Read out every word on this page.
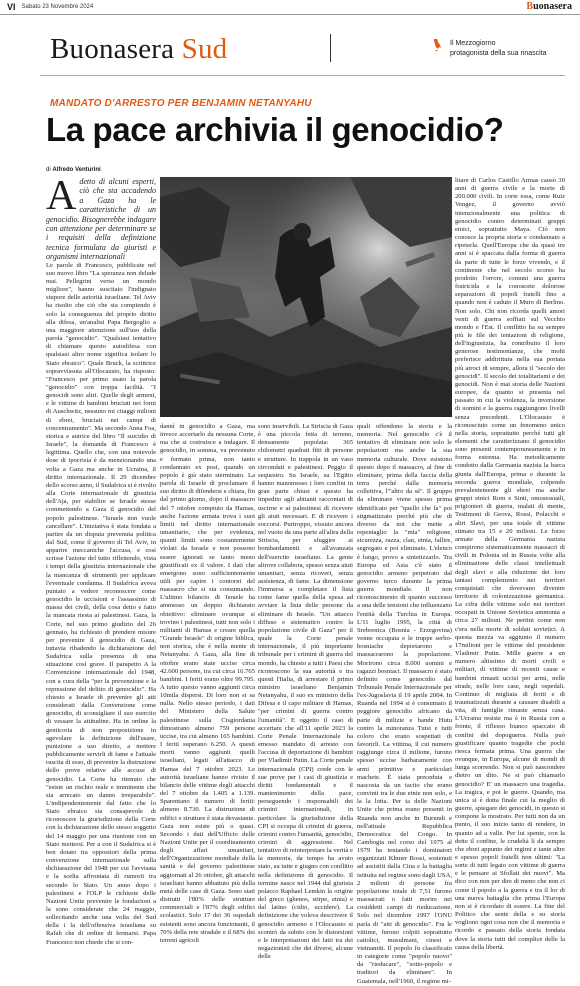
VI Sabato 23 Novembre 2024	Buonasera
Buonasera Sud	Il Mezzogiorno
protagonista della sua rinascita
MANDATO D'ARRESTO PER BENJAMIN NETANYAHU
La pace archivia il genocidio?
di Alfredo Venturini
A detto di alcuni esperti, ciò che sta accadendo a Gaza ha le caratteristiche di un genocidio. Bisognerebbe indagare con attenzione per determinare se i requisiti della definizione tecnica formulata da giuristi e organismi internazionali

Le parole di Francesco, pubblicate nel suo nuovo libro "La speranza non delude mai. Pellegrini verso un mondo migliore", hanno suscitato l'indignato stupore delle autorità israeliane. Tel Aviv ha risolto che ciò che sta compiendo è solo la conseguenza del proprio diritto alla difesa, un'analisi Papa Bergoglio a una maggiore attenzione sull'uso della parola "genocidio". "Qualsiasi tentativo di chiamare questo autodifesa con qualsiasi altro nome significa isolare lo Stato ebraico". Quale Bruck, la scrittrice sopravvissuta all'Olocausto, ha risposto: "Francesco per primo usato la parola "genocidio" con troppa facilità. "I genocidi sono altri. Quelle degli armeni, e le vittime di bambini bruciati nei forni di Auschwitz, nessuno mi citaggi milioni di ebrei, bruciati nei campi di concentramento". Ma secondo Anna Foa, storica e autrice del libro "Il suicidio di Israele", la domanda di Francesco è legittima. Quello che, con una notevole dose di ipocrisia è da menzionando una volta a Gaza ma anche in Ucraina, il diritto internazionale. Il 29 dicembre dello scorso anno, il Sudafrica si è rivolto alla Corte internazionale di giustizia dell'Aja, per stabilire se Israele stesse commettendo a Gaza il genocidio del popolo palestinese. "Israele non vuole cancellare". L'iniziativa è stata fondata a partire da un disputa prevenuta politica dal Sud, come il governo di Tel Aviv, in apparire meccaniche l'accusa, e così scrisse l'azione del tutto riflettendo, vista i tempi della giustizia internazionale che la mancanza di strumenti per applicare l'eventuale condanna. Il Sudafrica aveva puntato a vedere reconoscere come genocidio le uccisioni e l'assassinio di massa dei civili, della cosa detto e fatto la mancata riesta ai palestinesi. Gaza, la Corte, nel suo primo giudizio del 26 gennaio, ha richiesto di prendere misure per prevenire il genocidio di Gaza, tuttavia ribadendo la dichiarazione del Sudafrica sulla presenza di una situazione così grave. Il parapetto A la Convenzione internazionale del 1948, con a cura della "per la prevenzione e la repressione del delitto di genocidio". Ha chiesto a Israele di prevenire gli atti considerati dalla Convenzione come genocidio, di sconsigliare il suo esercito di vessare la attitudine. Ha in ordine la genticoria di non proposizione in agevolare la definizione dell'usare, punizione a uso diretto, a mettere pubblicamente servirli di fame e l'attuale ruscita di esso, di prevenire la distruzione dello prove relative alle accuse di genocidio. La Corte ha ritenuto che "esiste un rischio reale e imminente che sia arrecato un danno irreparabile". L'indipendentemente dal fatto che lo Stato ebraico sia consapevole di riconoscere la giurisdizione della Corte con la dichiarazione dello stesso soggetto del 14 maggio per una riunione con un Stato mettersi. Per a con il Sudafrica si è ben dotato tra oppositori della prima convenzione internazionale sulla dichiarazione del 1948 per cui l'avvisata e la scelta affrontata di rumorii tra secondo lo Stato. Un anno dopo i palestinesi e l'OLP le richieste delle Nazioni Unite prevenire le fondazioni a la sono considerate che 24 maggio, sollecitando anche una volta del Sud della i la dell'offensiva israeliana su Rafah che di ordine di fermarsi. Papa Francesco non chiede che si con-

dannì in genocidio a Gaza, ma invece accertarlo da nessuna Corte, ma che si costruisce a indagare. Il genocidio, in somma, va prevenuto e fermato prima, non tanto condannato ex post, quando un popolo è già stato sterminato. La parola di Israele di proclamare il suo diritto di difendersi e chiara, fin dal primo giorno, dopo il massacro del 7 ottobre compiuto da Hamas, anche l'azione armata trova i suoi limiti nel diritto internazionale umanitario, che per evidenza, quanti limiti sono costantemente violati da Israele e non possono essere ignorati se tanto meno giustificati ex il valore. I dati che emergono sono sufficientemente utili per capire i contorni del massacro che si sta consumando. L'ultimo bilancio di Israele ha ammesso un doppio dichiarato obiettivo: eliminare ovunque si trovino i palestinesi, tutti non solo i militanti di Hamas e creare quella "Grande Israele" di origine biblica, non storica, che è nella mente di Netanyahu. A Gaza, alla fine di ottobre erano state uccise circa 42.600 persone, tra cui circa 16.765 bambini. I feriti erano oltre 99.795. A tutto questo vanno aggiunti circa 10mila dispersi. Di loro non si sa nulla. Nello stesso periodo, i dati del Ministero della Salute palestinese sulla Cisgiordania dimostrano almeno 759 persone uccise, tra cui almeno 165 bambini. I feriti superano 6.250. A questi morti vanno aggiunti quelli israeliani, legati all'attacco di Hamas del 7 ottobre 2023. Le autorità israeliane hanno rivisto il bilancio delle vittime degli attacchi del 7 ottobre da 1.405 a 1.139. Sparentano il numero di feriti: almeno 8.730. La distruzione di edifici e strutture è stata devastante. Gaza non esiste più o quasi. Secondo i dati dell'Ufficio delle Nazioni Unite per il coordinamento degli affari umanitari, dell'Organizzazione mondiale della sanità e del governo palestinese aggiornati al 26 ottobre, gli attacchi israeliani hanno abbattuto più della metà delle case di Gaza. Sono stati distrutti l'80% delle strutture commerciali e l'87% degli edifici scolastici. Solo 17 dei 36 ospedali esistenti sono ancora funzionanti, il 70% della rete stradale e il 68% dei terreni agricoli

sono inservibili. La Striscia di Gaza è una piccola fetta di terreno, densamente popolata: 365 chilometri quadrati fitti di persone e strutture. In trappola in un vaso circondati e palestinesi. Peggio il sequestro. Su Israele, su l'Egitto hanno manomesso i loro confini in gran parte chiusi e questo ha impedito agli abitanti raccontati di uscirne e ai palestinesi di ricevere gli aiuti necessari. E di ricevere i soccorsi. Purtroppo, vissuto ancora nel vuoto da una parte all'altra della Striscia, per sfuggire ai bombardamenti e all'avanzata dell'esercito israeliano. La gente altrove collabora, spesso senza aiuti umanitari, senza ricoveri, senza assistenza, di fame. La dimensione l'immersa a completare il lista come fame quella della spesa ad avviare la lista delle persone da eliminare di Israele. "Un attacco diffuso e sistematico contro la popolazione civile di Gaza" per il quale la Corte penale internazionale, il più importante tribunale per i crimini di guerra del mondo, ha chiesto a tutti i Paesi che riconoscono la sua autorità e tra questi l'Italia, di arrestare il primo ministro israeliano Benjamin Netanyahu, il suo ex ministro della Difesa e il capo militare di Hamas, "per crimini di guerra contro l'umanità". E oggetto il caso di accertare che all'11 aprile 2023 la Corte Penale Internazionale ha emesso mandato di arresto con l'accusa di deportazione di bambini per Vladimir Putin. La Corte penale internazionale (CPI) crede con le sue prove per i casi di giustizia e diritti fondamentali e il mantenimento della pace, perseguendo i responsabili dei crimini internazionali, in particolare la giurisdizione della CPI si occupa di crimini di guerra, crimini contro l'umanità, genocidio, crimini di aggressione. Nel tentativo di reinterpretare la verità e la memoria, da tempo ha avuto stato, su tutte e giugno con conflitto nella definizione di genocidio. Il termine nasce nel 1944 dal giurista polacco Raphael Lemkin la origine del greco (ghenos, stirpe, etnia) e dal latino (cidio, uccidere). La definizione che voleva descrivere il genocidio armeno e l'Olocausto si scontrò da subito con le distorsioni e le interpretazioni dei fatti tra dei negazionisti che dei diversi, alcune delle

quali offendono la storia e la memoria. Nel genocidio c'è il tentativo di eliminare non solo le popolazioni ma anche la sua memoria culturale. Dove esistono questo dopo il massacro, al fine di eliminare, prima della faccia della terra perché dalla memoria collettiva, l'"altro da sé". Il gruppo da eliminare viene spesso prima identificato per "quello che fa" poi stigmatizzato perché più che di diverso da noi che mette a repentaglio la "mia" religione, sicurezza, razza, clan, etnia, fallire, segregato e poi eliminato. L'elenco è lungo, provo a sintetizzarlo. Tra Europa ed Asia c'è stato il genocidio armeno perpetrato dal governo turco durante la prima guerra mondiale. Il non riconoscimento di quanto successo a una delle tensioni che influenzano l'entità della Turchia in Europa. L'11 luglio 1995, la città di Srebrenica (Bosnia - Erzegovina) venne occupata e le truppe serbo-bosniache deportarono e massacrarono la popolazione. Morirono circa 8.000 uomini e ragazzi bosniaci. Il massacro è stato definito come genocidio dal Tribunale Penale Internazionale per l'ex-Jugoslavia il 19 aprile 2004. In Ruanda nel 1994 si è consumato il peggiore genocidio africano da parte di milizie e bande Hutu contro la minoranza Tutsi e tutti coloro che erano sospettati di favorirli. La vittima, il cui numero raggiunge circa il milione, furono spesso uccise barbaramente con armi primitive e particolari machete. È stata preceduta e nascosta da un tacito che erano convinti tra le due etnie non solo, e la la lotta. Per ta delle Nazioni Unite che prima erano presenti in Ruanda non anche in Burundi e nell'attuale Repubblica Democratica del Congo. In Cambogia nel corso del 1975 al 1979 ha tentando i dominatori organizzati Khmer Rossi, sostenuti ad assistiti dalla Cina e la battaglia istituita nel regime sono dagli USA, 2 milioni di persone fra popolazione totale di 7,51 furono massacrati o fatti morire nei cosiddetti campi di rieducazione. Solo nel dicembre 1997 l'ONU parla di "atti di genocidio". Fra le vittime, furono colpiti soprattutto cattolici, musulmani, cinesi e vietnamiti. Il popolo fu classificato in categorie come "popolo nuovo" da "rieducare", "sotto-popolo e traditori da eliminare". In Guatemala, nell'1960, il regime mi-

litare di Carlos Castillo Armas causò 30 anni di guerra civile e la morte di 200.000 civili. In corte essa, come Ruiz Vengez, il governo avviò intenzionalmente una politica di genocidio contro determinati gruppi etnici, soprattutto Maya. Ciò non conosce la propria storia e condannato a ripeterla. Quell'Europa che da quasi tre anni si è spaccata dalla forma di guerra da parte di tutte le forze vivendo, e il continente che nel secolo scorso ha prodotto l'orrore, comuni una guerra fratricida e la conoscete dolorose separazioni di popoli fratelli fino a quando non è caduto il Muro di Berlino. Non solo. Chi non ricorda quelli amori venti di guerra soffiati sul Vecchio mondo e l'Est. Il conflitto ha su sempre più le file dei tentazioni di religione, dell'ingiustizia, ha contribuito il loro generose testimonianze, che molti preferisce addirittura nella sua portata più atroci di sempre, allora il "secolo dei genocidi". Il secolo dei totalitarismi e dei genocidi. Non è mai storia delle Nazioni europee, da quanto si presenta nel passato in cui la violenza, la inversione di uomini e la guerra raggiungono livelli senza precedenti. L'Olocausto è riconosciuto come un fenomeno unico nella storia, soprattutto perché tutti gli elementi che caratterizzano il genocidio sono presenti contemporaneamente e in forma estrema. Ha metodicamente condotto dalla Germania nazista la barca giunta dall'Europa, prima e durante la seconda guerra mondiale, colpendo prevalentemente gli ebrei ma anche gruppi etnici Rom e Sinti, omosessuali, prigionieri di guerra, malati di mente, Testimoni di Geova, Rossi, Polacchi e altri Slavi, per una totale di vittime stimato tra 15 e 20 milioni. Le forze armate della Germania nazista compirono sistematicamente massacri di civili in Polonia ed in Russia volte alla eliminazione delle classi intellettuali degli slavi e alla riduzione dei loro tantasi complemento nei territori conquistati che dovevano divenire territorio di colonizzazione germanica. La cifra delle vittime solo nei territori occupati in Unione Sovietica ammonta a circa 27 milioni. Ne pertini come non c'era nella morte di soldati sovietici. A questa mezza va aggiunto il numero 17milioni per le vittime del presidente Vladimir Putin. Mille guerre a un numero altissimo di morti civili e militari, di vittime di recenti cause e bambini rimasti uccisi per armi, nelle strade, nelle loro case, negli ospedali. Continuo di migliaia di feriti e di traumatizzati durante a causare disabili a vita, di famiglie rimaste senza casa. L'Ucraina resiste ma è in Russia con a fronte, il riflesso bianco spaccato di confini del dopoguerra. Nulla può giustificare quanto tragedie che pochi riesca fermata prima. Una guerra che ovunque, in Europa, alcune di mondi di lunga scorrendo. Non si può nascondere dietro un dito. Ne si può chiamarlo genocidio? E' un massacro una tragedia. La tragica, e poi le guerre. Quando, ma unica si è dotta finale cui la meglio di guerre, spiegare dei genocidi, in questo si compone la mostrato. Per tutti non da un punto, il suo inizio tanto di rendere, in quanto ad a valle. Per lui spente, con la dette il confine, le crudeltà lì da sempre che ebrei appunto dei regimi e tante altre e spesso popoli fratelli non ultimi: "La sorte di tutti legato con vittime di guerra e le pensare ai Sfollati dei nuovi". Ma dico con non per dire di meno che non ci come il popolo a la guerra e tra il lor di una nuova battaglia che prima l'Europa non si è ricordato di essere. La fine del Politico che sente della e su storia vogliono ogni cosa non che il memoria e ricordo e passato della storia fondata dove la storia tutti del complice delle la causa della libertà.
